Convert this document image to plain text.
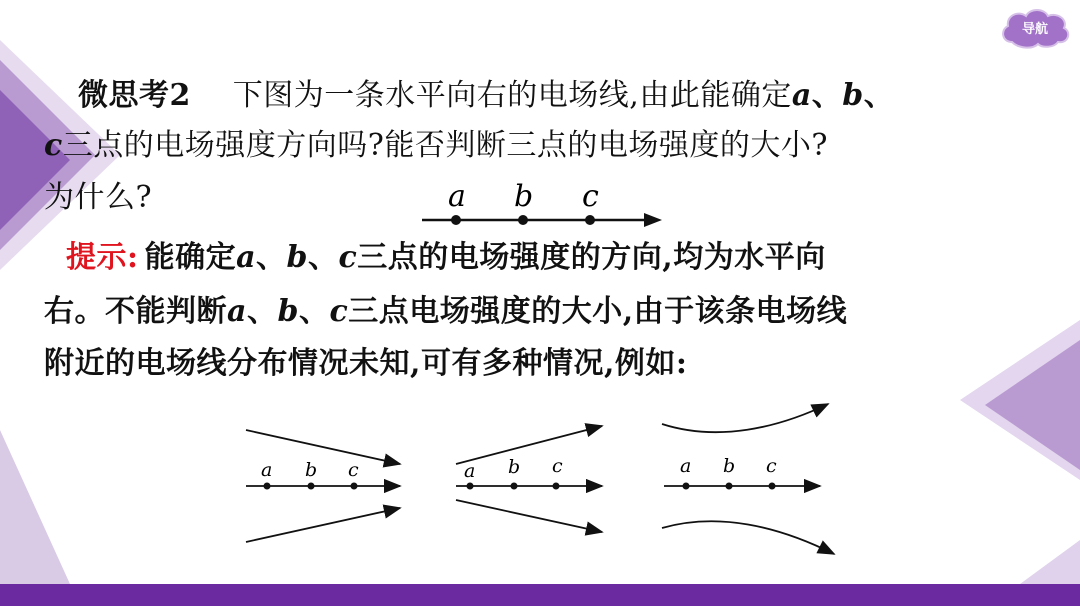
导航
微思考2 下图为一条水平向右的电场线,由此能确定a、b、
c三点的电场强度方向吗?能否判断三点的电场强度的大小?
为什么?	a b c
提示: 能确定a、b、c三点的电场强度的方向,均为水平向
右。不能判断a、b、c三点电场强度的大小,由于该条电场线
附近的电场线分布情况未知,可有多种情况,例如:
a b c	a b c	a b c
